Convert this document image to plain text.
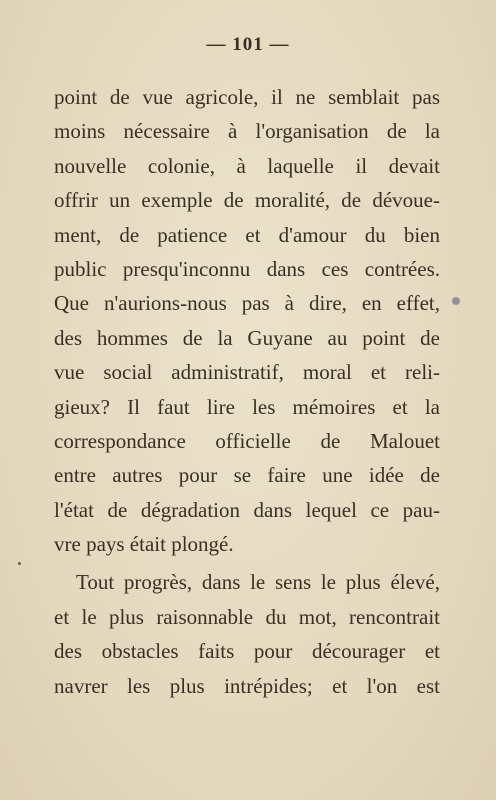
— 101 —
point de vue agricole, il ne semblait pas
moins nécessaire à l'organisation de la
nouvelle colonie, à laquelle il devait
offrir un exemple de moralité, de dévoue-
ment, de patience et d'amour du bien
public presqu'inconnu dans ces contrées.
Que n'aurions-nous pas à dire, en effet,
des hommes de la Guyane au point de
vue social administratif, moral et reli-
gieux? Il faut lire les mémoires et la
correspondance officielle de Malouet
entre autres pour se faire une idée de
l'état de dégradation dans lequel ce pau-
vre pays était plongé.
Tout progrès, dans le sens le plus élevé,
et le plus raisonnable du mot, rencontrait
des obstacles faits pour décourager et
navrer les plus intrépides; et l'on est
